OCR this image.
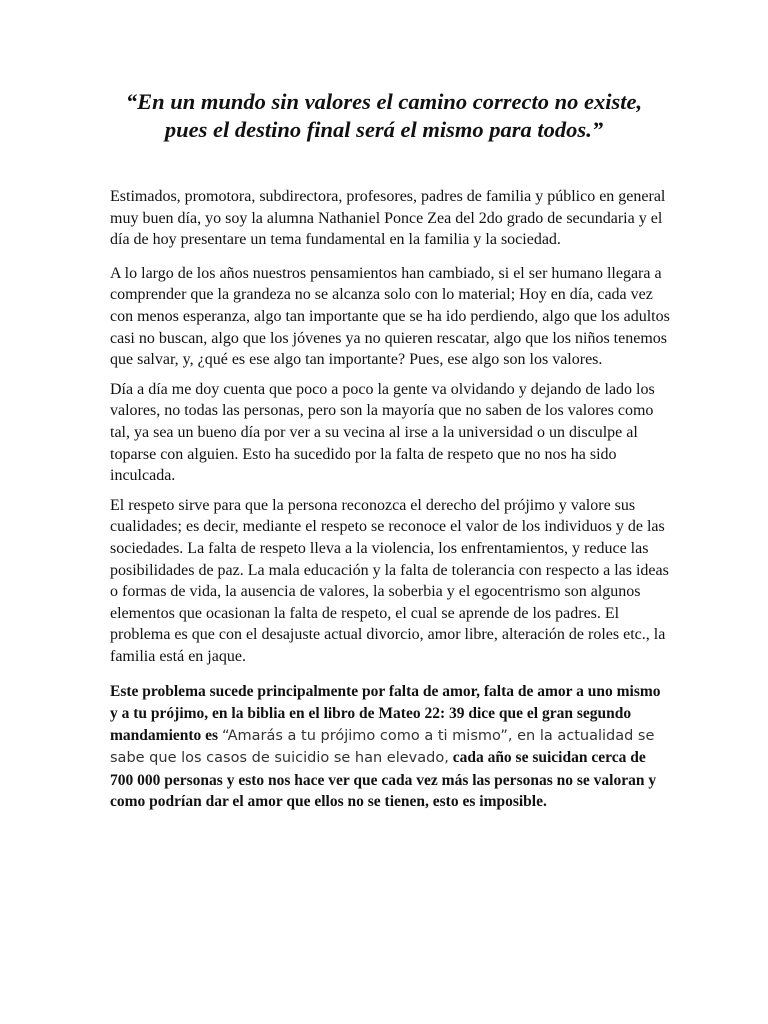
“En un mundo sin valores el camino correcto no existe,
pues el destino final será el mismo para todos.”

Estimados, promotora, subdirectora, profesores, padres de familia y público en general muy buen día, yo soy la alumna Nathaniel Ponce Zea del 2do grado de secundaria y el día de hoy presentare un tema fundamental en la familia y la sociedad.

A lo largo de los años nuestros pensamientos han cambiado, si el ser humano llegara a comprender que la grandeza no se alcanza solo con lo material; Hoy en día, cada vez con menos esperanza, algo tan importante que se ha ido perdiendo, algo que los adultos casi no buscan, algo que los jóvenes ya no quieren rescatar, algo que los niños tenemos que salvar, y, ¿qué es ese algo tan importante? Pues, ese algo son los valores.

Día a día me doy cuenta que poco a poco la gente va olvidando y dejando de lado los valores, no todas las personas, pero son la mayoría que no saben de los valores como tal, ya sea un bueno día por ver a su vecina al irse a la universidad o un disculpe al toparse con alguien. Esto ha sucedido por la falta de respeto que no nos ha sido inculcada.

El respeto sirve para que la persona reconozca el derecho del prójimo y valore sus cualidades; es decir, mediante el respeto se reconoce el valor de los individuos y de las sociedades. La falta de respeto lleva a la violencia, los enfrentamientos, y reduce las posibilidades de paz. La mala educación y la falta de tolerancia con respecto a las ideas o formas de vida, la ausencia de valores, la soberbia y el egocentrismo son algunos elementos que ocasionan la falta de respeto, el cual se aprende de los padres. El problema es que con el desajuste actual divorcio, amor libre, alteración de roles etc., la familia está en jaque.

Este problema sucede principalmente por falta de amor, falta de amor a uno mismo y a tu prójimo, en la biblia en el libro de Mateo 22: 39 dice que el gran segundo mandamiento es “Amarás a tu prójimo como a ti mismo”, en la actualidad se sabe que los casos de suicidio se han elevado, cada año se suicidan cerca de 700 000 personas y esto nos hace ver que cada vez más las personas no se valoran y como podrían dar el amor que ellos no se tienen, esto es imposible.
